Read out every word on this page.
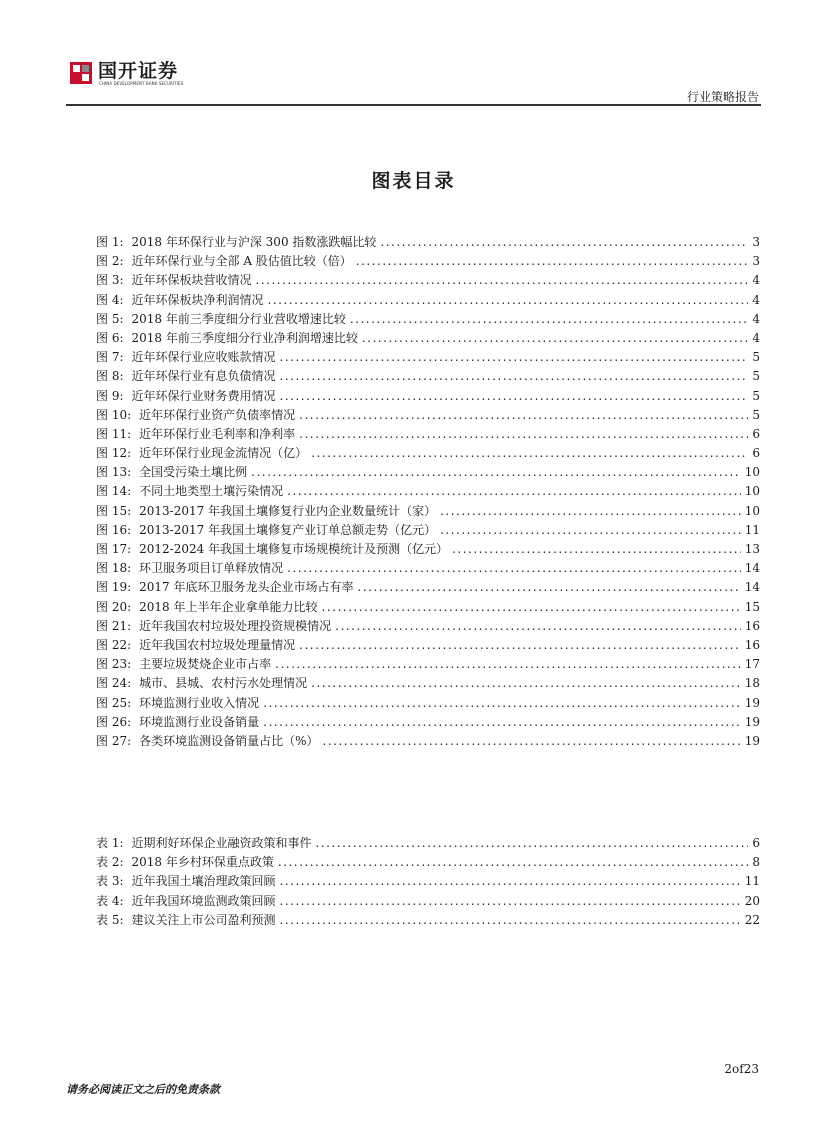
国开证券
CHINA DEVELOPMENT BANK SECURITIES
行业策略报告
图表目录
图 1: 2018 年环保行业与沪深 300 指数涨跌幅比较 .....	3
图 2: 近年环保行业与全部 A 股估值比较（倍） .....	3
图 3: 近年环保板块营收情况 .....	4
图 4: 近年环保板块净利润情况 .....	4
图 5: 2018 年前三季度细分行业营收增速比较 .....	4
图 6: 2018 年前三季度细分行业净利润增速比较 .....	4
图 7: 近年环保行业应收账款情况 .....	5
图 8: 近年环保行业有息负债情况 .....	5
图 9: 近年环保行业财务费用情况 .....	5
图 10: 近年环保行业资产负债率情况 .....	5
图 11: 近年环保行业毛利率和净利率 .....	6
图 12: 近年环保行业现金流情况（亿） .....	6
图 13: 全国受污染土壤比例 .....	10
图 14: 不同土地类型土壤污染情况 .....	10
图 15: 2013-2017 年我国土壤修复行业内企业数量统计（家） .....	10
图 16: 2013-2017 年我国土壤修复产业订单总额走势（亿元） .....	11
图 17: 2012-2024 年我国土壤修复市场规模统计及预测（亿元） .....	13
图 18: 环卫服务项目订单释放情况 .....	14
图 19: 2017 年底环卫服务龙头企业市场占有率 .....	14
图 20: 2018 年上半年企业拿单能力比较 .....	15
图 21: 近年我国农村垃圾处理投资规模情况 .....	16
图 22: 近年我国农村垃圾处理量情况 .....	16
图 23: 主要垃圾焚烧企业市占率 .....	17
图 24: 城市、县城、农村污水处理情况 .....	18
图 25: 环境监测行业收入情况 .....	19
图 26: 环境监测行业设备销量 .....	19
图 27: 各类环境监测设备销量占比（%） .....	19
表 1: 近期利好环保企业融资政策和事件 .....	6
表 2: 2018 年乡村环保重点政策 .....	8
表 3: 近年我国土壤治理政策回顾 .....	11
表 4: 近年我国环境监测政策回顾 .....	20
表 5: 建议关注上市公司盈利预测 .....	22
2of23
请务必阅读正文之后的免责条款
